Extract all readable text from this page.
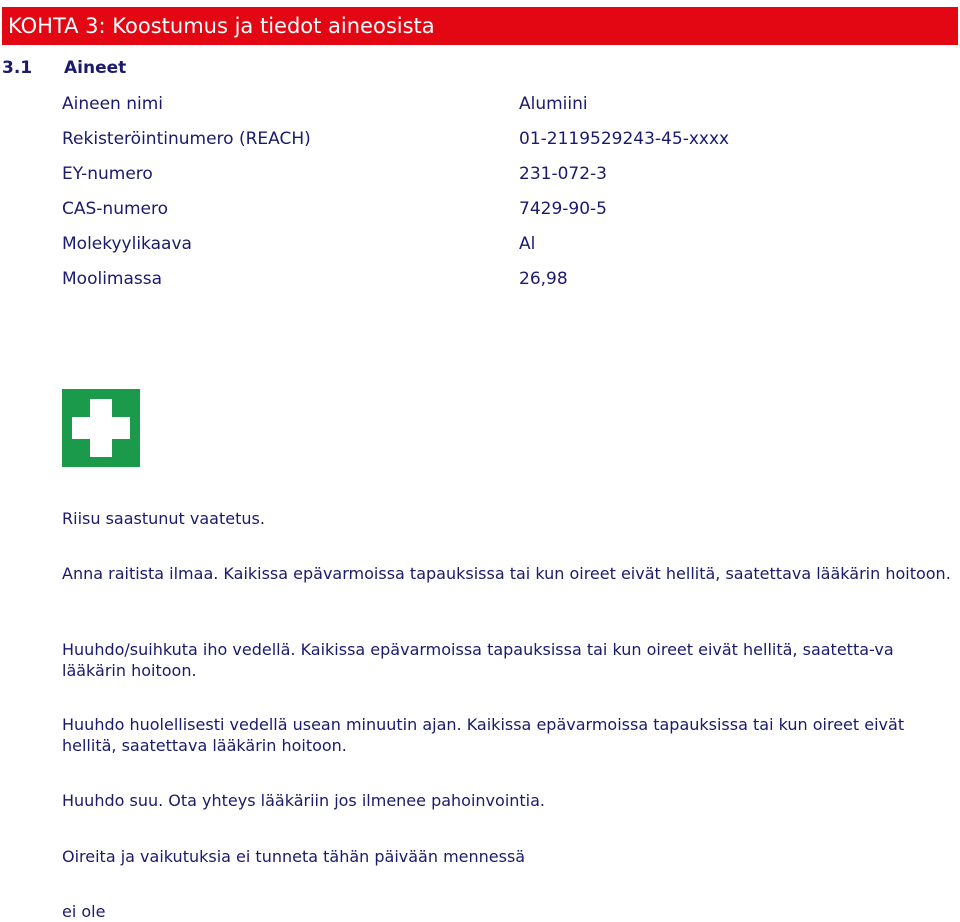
KOHTA 3: Koostumus ja tiedot aineosista
3.1 Aineet
Aineen nimi	Alumiini
Rekisteröintinumero (REACH)	01-2119529243-45-xxxx
EY-numero	231-072-3
CAS-numero	7429-90-5
Molekyylikaava	Al
Moolimassa	26,98
Riisu saastunut vaatetus.
Anna raitista ilmaa. Kaikissa epävarmoissa tapauksissa tai kun oireet eivät hellitä, saatettava lääkärin hoitoon.
Huuhdo/suihkuta iho vedellä. Kaikissa epävarmoissa tapauksissa tai kun oireet eivät hellitä, saatetta-va lääkärin hoitoon.
Huuhdo huolellisesti vedellä usean minuutin ajan. Kaikissa epävarmoissa tapauksissa tai kun oireet eivät hellitä, saatettava lääkärin hoitoon.
Huuhdo suu. Ota yhteys lääkäriin jos ilmenee pahoinvointia.
Oireita ja vaikutuksia ei tunneta tähän päivään mennessä
ei ole
